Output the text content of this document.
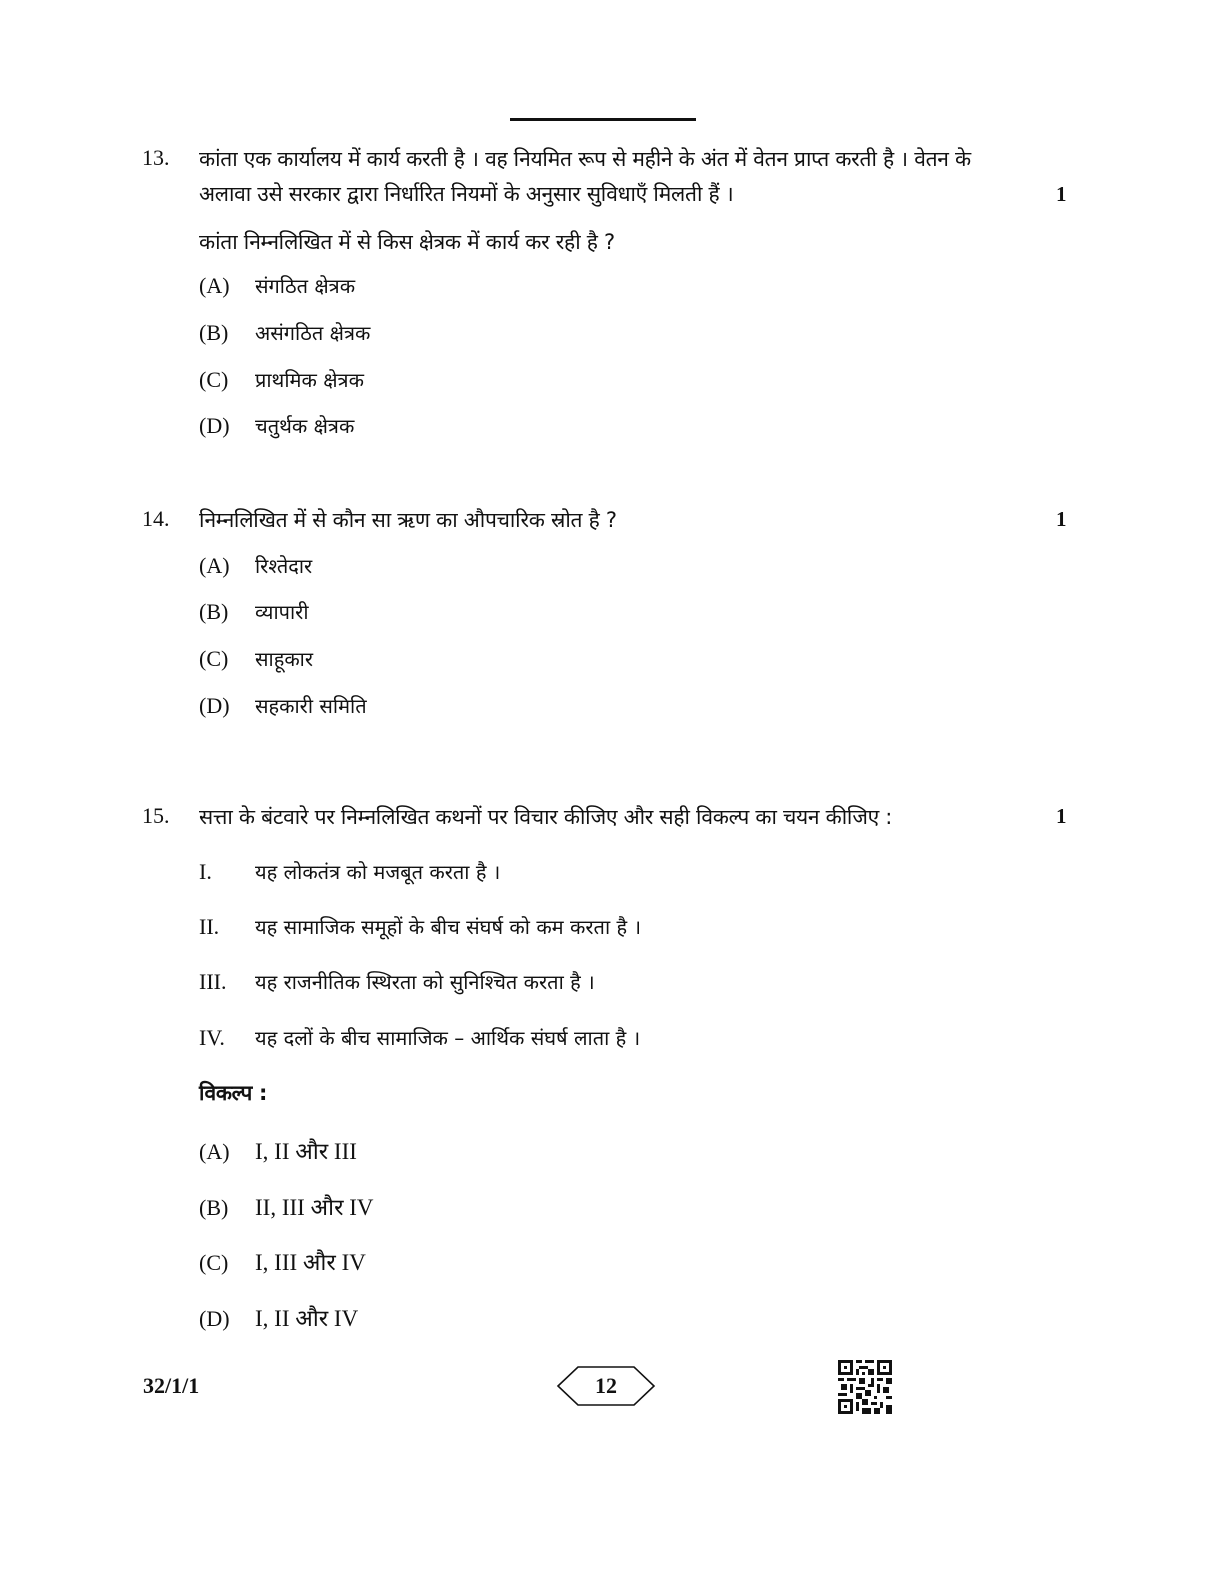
13. कांता एक कार्यालय में कार्य करती है । वह नियमित रूप से महीने के अंत में वेतन प्राप्त करती है । वेतन के
अलावा उसे सरकार द्वारा निर्धारित नियमों के अनुसार सुविधाएँ मिलती हैं ।	1
कांता निम्नलिखित में से किस क्षेत्रक में कार्य कर रही है ?
(A) संगठित क्षेत्रक
(B) असंगठित क्षेत्रक
(C) प्राथमिक क्षेत्रक
(D) चतुर्थक क्षेत्रक
14. निम्नलिखित में से कौन सा ऋण का औपचारिक स्रोत है ?	1
(A) रिश्तेदार
(B) व्यापारी
(C) साहूकार
(D) सहकारी समिति
15. सत्ता के बंटवारे पर निम्नलिखित कथनों पर विचार कीजिए और सही विकल्प का चयन कीजिए :	1
I. यह लोकतंत्र को मजबूत करता है ।
II. यह सामाजिक समूहों के बीच संघर्ष को कम करता है ।
III. यह राजनीतिक स्थिरता को सुनिश्चित करता है ।
IV. यह दलों के बीच सामाजिक – आर्थिक संघर्ष लाता है ।
विकल्प :
(A) I, II और III
(B) II, III और IV
(C) I, III और IV
(D) I, II और IV
32/1/1	12
